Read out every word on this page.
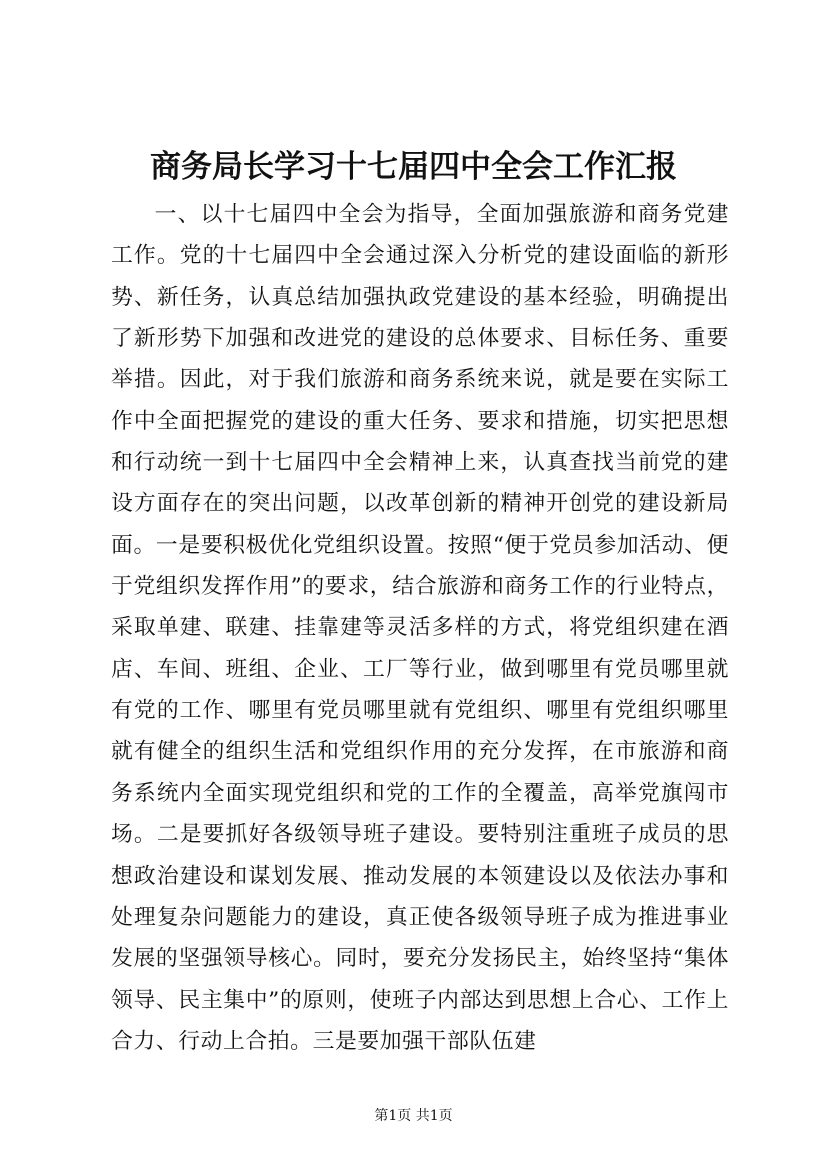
商务局长学习十七届四中全会工作汇报

一、以十七届四中全会为指导，全面加强旅游和商务党建工作。党的十七届四中全会通过深入分析党的建设面临的新形势、新任务，认真总结加强执政党建设的基本经验，明确提出了新形势下加强和改进党的建设的总体要求、目标任务、重要举措。因此，对于我们旅游和商务系统来说，就是要在实际工作中全面把握党的建设的重大任务、要求和措施，切实把思想和行动统一到十七届四中全会精神上来，认真查找当前党的建设方面存在的突出问题，以改革创新的精神开创党的建设新局面。一是要积极优化党组织设置。按照“便于党员参加活动、便于党组织发挥作用”的要求，结合旅游和商务工作的行业特点，采取单建、联建、挂靠建等灵活多样的方式，将党组织建在酒店、车间、班组、企业、工厂等行业，做到哪里有党员哪里就有党的工作、哪里有党员哪里就有党组织、哪里有党组织哪里就有健全的组织生活和党组织作用的充分发挥，在市旅游和商务系统内全面实现党组织和党的工作的全覆盖，高举党旗闯市场。二是要抓好各级领导班子建设。要特别注重班子成员的思想政治建设和谋划发展、推动发展的本领建设以及依法办事和处理复杂问题能力的建设，真正使各级领导班子成为推进事业发展的坚强领导核心。同时，要充分发扬民主，始终坚持“集体领导、民主集中”的原则，使班子内部达到思想上合心、工作上合力、行动上合拍。三是要加强干部队伍建

第1页 共1页
